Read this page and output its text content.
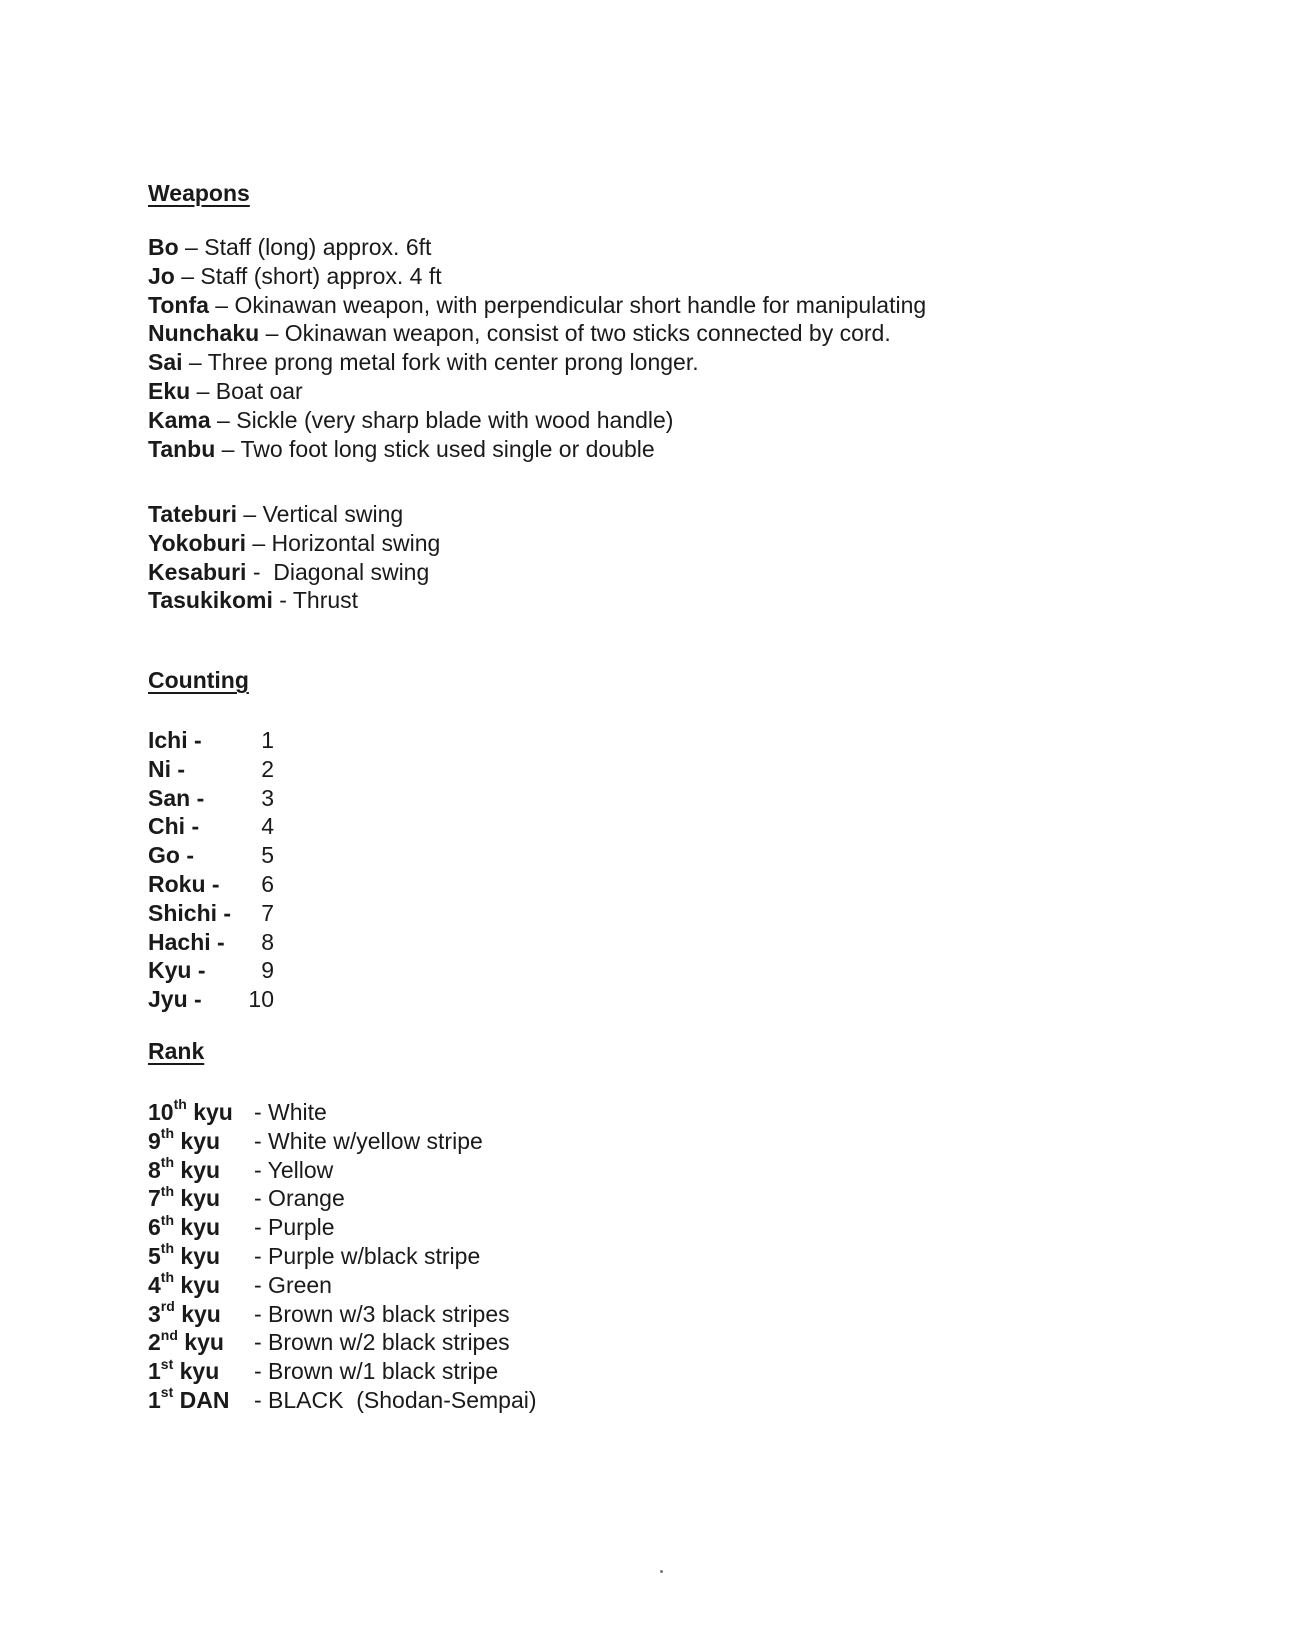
Weapons
Bo – Staff (long) approx. 6ft
Jo – Staff (short) approx. 4 ft
Tonfa – Okinawan weapon, with perpendicular short handle for manipulating
Nunchaku – Okinawan weapon, consist of two sticks connected by cord.
Sai – Three prong metal fork with center prong longer.
Eku – Boat oar
Kama – Sickle (very sharp blade with wood handle)
Tanbu – Two foot long stick used single or double
Tateburi – Vertical swing
Yokoburi – Horizontal swing
Kesaburi -  Diagonal swing
Tasukikomi - Thrust
Counting
Ichi -	1
Ni -	2
San - 3
Chi -	4
Go -	5
Roku - 6
Shichi - 7
Hachi - 8
Kyu - 9
Jyu - 10
Rank
10th kyu - White
9th kyu - White w/yellow stripe
8th kyu - Yellow
7th kyu - Orange
6th kyu - Purple
5th kyu - Purple w/black stripe
4th kyu - Green
3rd kyu - Brown w/3 black stripes
2nd kyu - Brown w/2 black stripes
1st kyu - Brown w/1 black stripe
1st DAN - BLACK  (Shodan-Sempai)
